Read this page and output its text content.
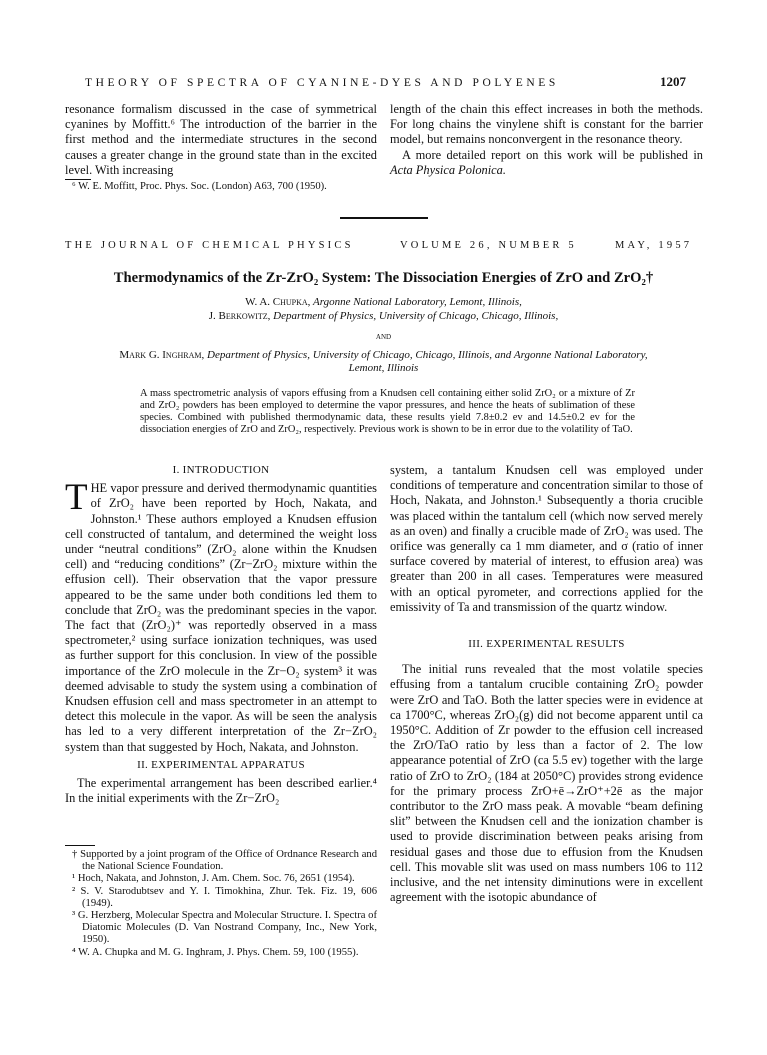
THEORY OF SPECTRA OF CYANINE-DYES AND POLYENES	1207

resonance formalism discussed in the case of symmetrical cyanines by Moffitt.⁶ The introduction of the barrier in the first method and the intermediate structures in the second causes a greater change in the ground state than in the excited level. With increasing

⁶ W. E. Moffitt, Proc. Phys. Soc. (London) A63, 700 (1950).

length of the chain this effect increases in both the methods. For long chains the vinylene shift is constant for the barrier model, but remains nonconvergent in the resonance theory.

A more detailed report on this work will be published in Acta Physica Polonica.

THE JOURNAL OF CHEMICAL PHYSICS	VOLUME 26, NUMBER 5	MAY, 1957
Thermodynamics of the Zr-ZrO₂ System: The Dissociation Energies of ZrO and ZrO₂†
W. A. Chupka, Argonne National Laboratory, Lemont, Illinois,
J. Berkowitz, Department of Physics, University of Chicago, Chicago, Illinois,
and
Mark G. Inghram, Department of Physics, University of Chicago, Chicago, Illinois, and Argonne National Laboratory,
Lemont, Illinois
A mass spectrometric analysis of vapors effusing from a Knudsen cell containing either solid ZrO₂ or a mixture of Zr and ZrO₂ powders has been employed to determine the vapor pressures, and hence the heats of sublimation of these species. Combined with published thermodynamic data, these results yield 7.8±0.2 ev and 14.5±0.2 ev for the dissociation energies of ZrO and ZrO₂, respectively. Previous work is shown to be in error due to the volatility of TaO.
I. INTRODUCTION

THE vapor pressure and derived thermodynamic quantities of ZrO₂ have been reported by Hoch, Nakata, and Johnston.¹ These authors employed a Knudsen effusion cell constructed of tantalum, and determined the weight loss under “neutral conditions” (ZrO₂ alone within the Knudsen cell) and “reducing conditions” (Zr−ZrO₂ mixture within the effusion cell). Their observation that the vapor pressure appeared to be the same under both conditions led them to conclude that ZrO₂ was the predominant species in the vapor. The fact that (ZrO₂)⁺ was reportedly observed in a mass spectrometer,² using surface ionization techniques, was used as further support for this conclusion. In view of the possible importance of the ZrO molecule in the Zr−O₂ system³ it was deemed advisable to study the system using a combination of Knudsen effusion cell and mass spectrometer in an attempt to detect this molecule in the vapor. As will be seen the analysis has led to a very different interpretation of the Zr−ZrO₂ system than that suggested by Hoch, Nakata, and Johnston.

II. EXPERIMENTAL APPARATUS

The experimental arrangement has been described earlier.⁴ In the initial experiments with the Zr−ZrO₂

† Supported by a joint program of the Office of Ordnance Research and the National Science Foundation.

¹ Hoch, Nakata, and Johnston, J. Am. Chem. Soc. 76, 2651 (1954).

² S. V. Starodubtsev and Y. I. Timokhina, Zhur. Tek. Fiz. 19, 606 (1949).

³ G. Herzberg, Molecular Spectra and Molecular Structure. I. Spectra of Diatomic Molecules (D. Van Nostrand Company, Inc., New York, 1950).

⁴ W. A. Chupka and M. G. Inghram, J. Phys. Chem. 59, 100 (1955).

system, a tantalum Knudsen cell was employed under conditions of temperature and concentration similar to those of Hoch, Nakata, and Johnston.¹ Subsequently a thoria crucible was placed within the tantalum cell (which now served merely as an oven) and finally a crucible made of ZrO₂ was used. The orifice was generally ca 1 mm diameter, and σ (ratio of inner surface covered by material of interest, to effusion area) was greater than 200 in all cases. Temperatures were measured with an optical pyrometer, and corrections applied for the emissivity of Ta and transmission of the quartz window.

III. EXPERIMENTAL RESULTS

The initial runs revealed that the most volatile species effusing from a tantalum crucible containing ZrO₂ powder were ZrO and TaO. Both the latter species were in evidence at ca 1700°C, whereas ZrO₂(g) did not become apparent until ca 1950°C. Addition of Zr powder to the effusion cell increased the ZrO/TaO ratio by less than a factor of 2. The low appearance potential of ZrO (ca 5.5 ev) together with the large ratio of ZrO to ZrO₂ (184 at 2050°C) provides strong evidence for the primary process ZrO+ē→ZrO⁺+2ē as the major contributor to the ZrO mass peak. A movable “beam defining slit” between the Knudsen cell and the ionization chamber is used to provide discrimination between peaks arising from residual gases and those due to effusion from the Knudsen cell. This movable slit was used on mass numbers 106 to 112 inclusive, and the net intensity diminutions were in excellent agreement with the isotopic abundance of
